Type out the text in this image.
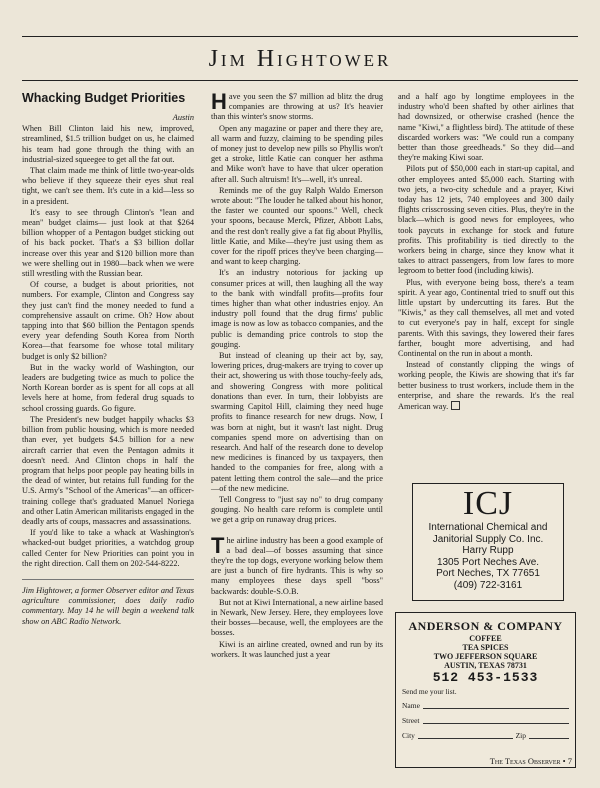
Jim Hightower
Whacking Budget Priorities

Austin

When Bill Clinton laid his new, improved, streamlined, $1.5 trillion budget on us, he claimed his team had gone through the thing with an industrial-sized squeegee to get all the fat out.

That claim made me think of little two-year-olds who believe if they squeeze their eyes shut real tight, we can't see them. It's cute in a kid—less so in a president.

It's easy to see through Clinton's "lean and mean" budget claims— just look at that $264 billion whopper of a Pentagon budget sticking out of his back pocket. That's a $3 billion dollar increase over this year and $120 billion more than we were shelling out in 1980—back when we were still wrestling with the Russian bear.

Of course, a budget is about priorities, not numbers. For example, Clinton and Congress say they just can't find the money needed to fund a comprehensive assault on crime. Oh? How about tapping into that $60 billion the Pentagon spends every year defending South Korea from North Korea—that fearsome foe whose total military budget is only $2 billion?

But in the wacky world of Washington, our leaders are budgeting twice as much to police the North Korean border as is spent for all cops at all levels here at home, from federal drug squads to school crossing guards. Go figure.

The President's new budget happily whacks $3 billion from public housing, which is more needed than ever, yet budgets $4.5 billion for a new aircraft carrier that even the Pentagon admits it doesn't need. And Clinton chops in half the program that helps poor people pay heating bills in the dead of winter, but retains full funding for the U.S. Army's "School of the Americas"—an officer-training college that's graduated Manuel Noriega and other Latin American militarists engaged in the deadly arts of coups, massacres and assassinations.

If you'd like to take a whack at Washington's whacked-out budget priorities, a watchdog group called Center for New Priorities can point you in the right direction. Call them on 202-544-8222.

Jim Hightower, a former Observer editor and Texas agriculture commissioner, does daily radio commentary. May 14 he will begin a weekend talk show on ABC Radio Network.

Have you seen the $7 million ad blitz the drug companies are throwing at us? It's heavier than this winter's snow storms.

Open any magazine or paper and there they are, all warm and fuzzy, claiming to be spending piles of money just to develop new pills so Phyllis won't get a stroke, little Katie can conquer her asthma and Mike won't have to have that ulcer operation after all. Such altruism! It's—well, it's unreal.

Reminds me of the guy Ralph Waldo Emerson wrote about: "The louder he talked about his honor, the faster we counted our spoons." Well, check your spoons, because Merck, Pfizer, Abbott Labs, and the rest don't really give a fat fig about Phyllis, little Katie, and Mike—they're just using them as cover for the ripoff prices they've been charging—and want to keep charging.

It's an industry notorious for jacking up consumer prices at will, then laughing all the way to the bank with windfall profits—profits four times higher than what other industries enjoy. An industry poll found that the drug firms' public image is now as low as tobacco companies, and the public is demanding price controls to stop the gouging.

But instead of cleaning up their act by, say, lowering prices, drug-makers are trying to cover up their act, showering us with those touchy-feely ads, and showering Congress with more political donations than ever. In turn, their lobbyists are swarming Capitol Hill, claiming they need huge profits to finance research for new drugs. Now, I was born at night, but it wasn't last night. Drug companies spend more on advertising than on research. And half of the research done to develop new medicines is financed by us taxpayers, then handed to the companies for free, along with a patent letting them control the sale—and the price—of the new medicine.

Tell Congress to "just say no" to drug company gouging. No health care reform is complete until we get a grip on runaway drug prices.

The airline industry has been a good example of a bad deal—of bosses assuming that since they're the top dogs, everyone working below them are just a bunch of fire hydrants. This is why so many employees these days spell "boss" backwards: double-S.O.B.

But not at Kiwi International, a new airline based in Newark, New Jersey. Here, they employees love their bosses—because, well, the employees are the bosses.

Kiwi is an airline created, owned and run by its workers. It was launched just a year

and a half ago by longtime employees in the industry who'd been shafted by other airlines that had downsized, or otherwise crashed (hence the name "Kiwi," a flightless bird). The attitude of these discarded workers was: "We could run a company better than those greedheads." So they did—and they're making Kiwi soar.

Pilots put of $50,000 each in start-up capital, and other employees anted $5,000 each. Starting with two jets, a two-city schedule and a prayer, Kiwi today has 12 jets, 740 employees and 300 daily flights crisscrossing seven cities. Plus, they're in the black—which is good news for employees, who took paycuts in exchange for stock and future profits. This profitability is tied directly to the workers being in charge, since they know what it takes to attract passengers, from low fares to more legroom to better food (including kiwis).

Plus, with everyone being boss, there's a team spirit. A year ago, Continental tried to snuff out this little upstart by undercutting its fares. But the "Kiwis," as they call themselves, all met and voted to cut everyone's pay in half, except for single parents. With this savings, they lowered their fares farther, bought more advertising, and had Continental on the run in about a month.

Instead of constantly clipping the wings of working people, the Kiwis are showing that it's far better business to trust workers, include them in the enterprise, and share the rewards. It's the real American way.

ICJ
International Chemical and
Janitorial Supply Co. Inc.
Harry Rupp
1305 Port Neches Ave.
Port Neches, TX 77651
(409) 722-3161
ANDERSON & COMPANY
COFFEE
TEA SPICES
TWO JEFFERSON SQUARE
AUSTIN, TEXAS 78731
512 453-1533
Send me your list.
Name
Street
City	Zip
The Texas Observer • 7
